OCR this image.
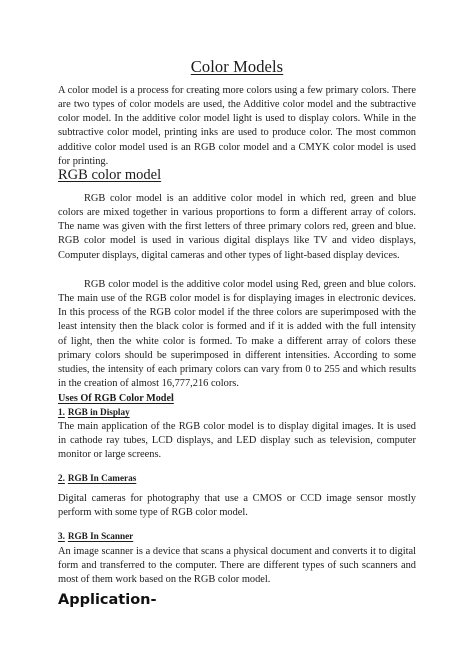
Color Models

A color model is a process for creating more colors using a few primary colors. There are two types of color models are used, the Additive color model and the subtractive color model. In the additive color model light is used to display colors. While in the subtractive color model, printing inks are used to produce color. The most common additive color model used is an RGB color model and a CMYK color model is used for printing.

RGB color model

RGB color model is an additive color model in which red, green and blue colors are mixed together in various proportions to form a different array of colors. The name was given with the first letters of three primary colors red, green and blue. RGB color model is used in various digital displays like TV and video displays, Computer displays, digital cameras and other types of light-based display devices.

RGB color model is the additive color model using Red, green and blue colors. The main use of the RGB color model is for displaying images in electronic devices. In this process of the RGB color model if the three colors are superimposed with the least intensity then the black color is formed and if it is added with the full intensity of light, then the white color is formed. To make a different array of colors these primary colors should be superimposed in different intensities. According to some studies, the intensity of each primary colors can vary from 0 to 255 and which results in the creation of almost 16,777,216 colors.

Uses Of RGB Color Model
1. RGB in Display

The main application of the RGB color model is to display digital images. It is used in cathode ray tubes, LCD displays, and LED display such as television, computer monitor or large screens.

2. RGB In Cameras

Digital cameras for photography that use a CMOS or CCD image sensor mostly perform with some type of RGB color model.

3. RGB In Scanner

An image scanner is a device that scans a physical document and converts it to digital form and transferred to the computer. There are different types of such scanners and most of them work based on the RGB color model.

Application-
